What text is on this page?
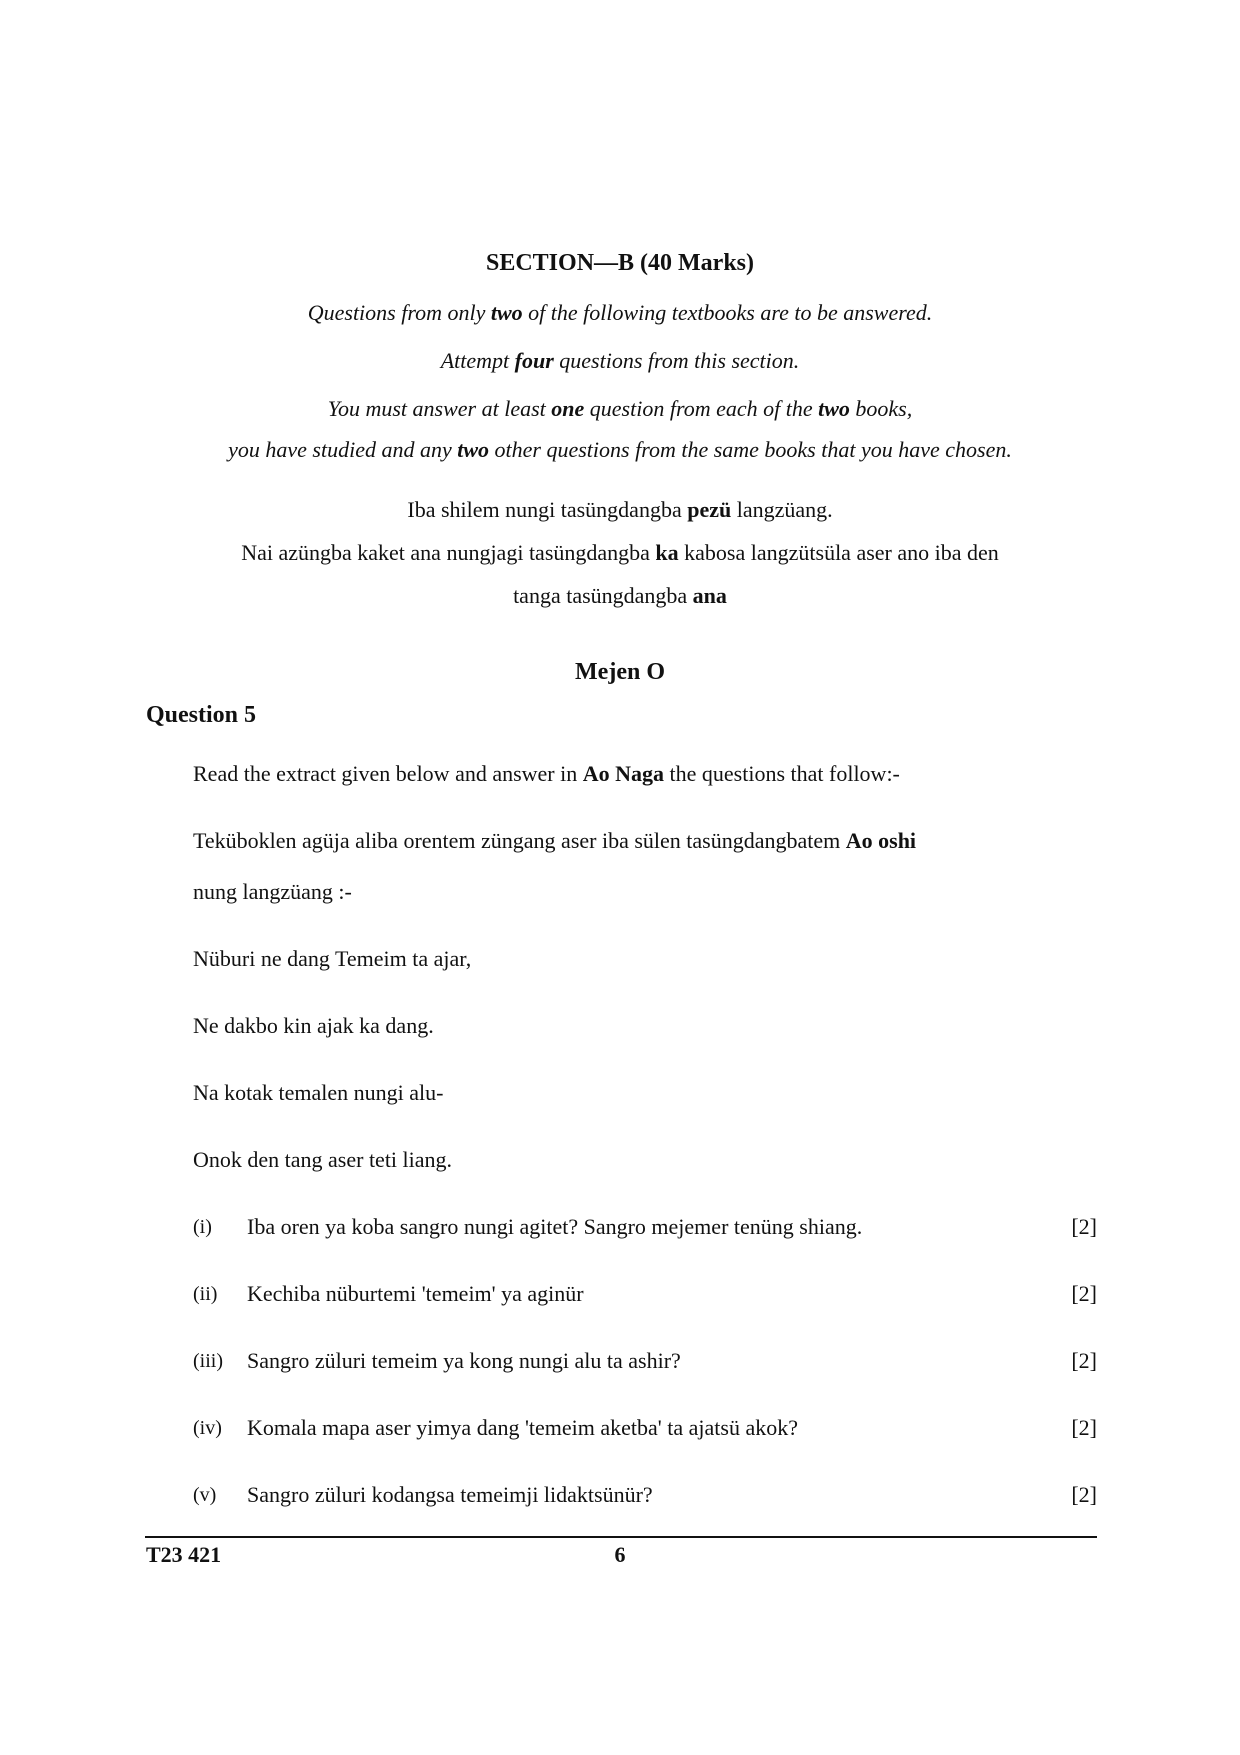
SECTION—B (40 Marks)
Questions from only two of the following textbooks are to be answered.
Attempt four questions from this section.
You must answer at least one question from each of the two books,
you have studied and any two other questions from the same books that you have chosen.
Iba shilem nungi tasüngdangba pezü langzüang.
Nai azüngba kaket ana nungjagi tasüngdangba ka kabosa langzütsüla aser ano iba den
tanga tasüngdangba ana
Mejen O
Question 5
Read the extract given below and answer in Ao Naga the questions that follow:-
Teküboklen agüja aliba orentem züngang aser iba sülen tasüngdangbatem Ao oshi
nung langzüang :-
Nüburi ne dang Temeim ta ajar,
Ne dakbo kin ajak ka dang.
Na kotak temalen nungi alu-
Onok den tang aser teti liang.
(i) Iba oren ya koba sangro nungi agitet? Sangro mejemer tenüng shiang.	[2]
(ii) Kechiba nüburtemi 'temeim' ya aginür	[2]
(iii) Sangro züluri temeim ya kong nungi alu ta ashir?	[2]
(iv) Komala mapa aser yimya dang 'temeim aketba' ta ajatsü akok?	[2]
(v) Sangro züluri kodangsa temeimji lidaktsünür?	[2]
T23 421	6
